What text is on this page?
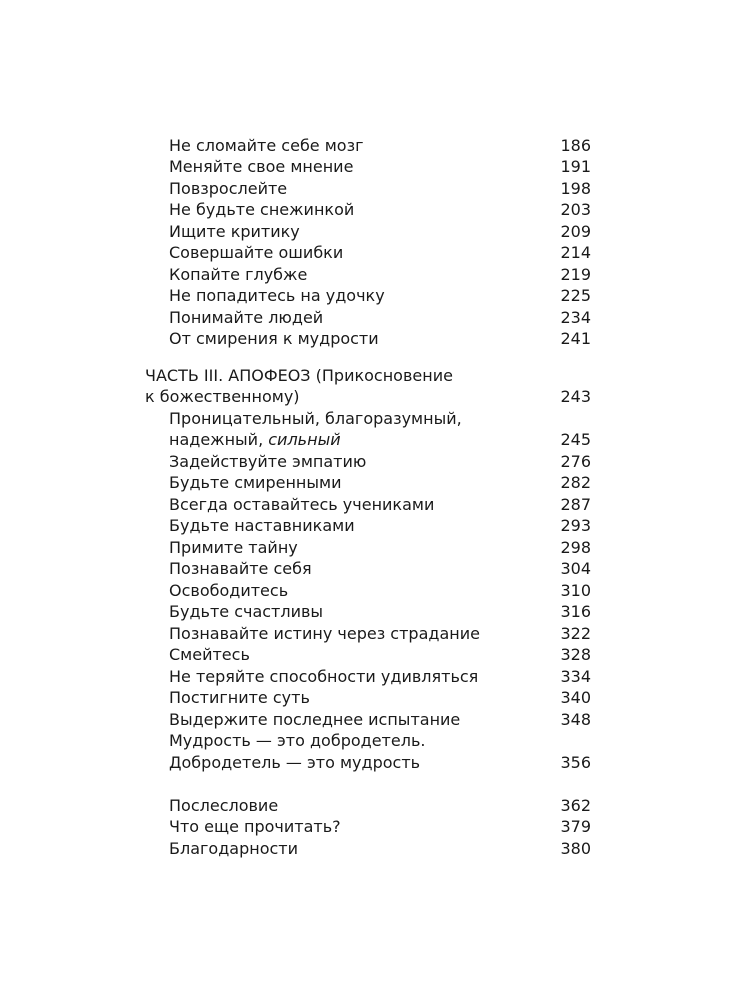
Не сломайте себе мозг	186
Меняйте свое мнение	191
Повзрослейте	198
Не будьте снежинкой	203
Ищите критику	209
Совершайте ошибки	214
Копайте глубже	219
Не попадитесь на удочку	225
Понимайте людей	234
От смирения к мудрости	241
ЧАСТЬ III. АПОФЕОЗ (Прикосновение
к божественному)	243
Проницательный, благоразумный,
надежный, сильный	245
Задействуйте эмпатию	276
Будьте смиренными	282
Всегда оставайтесь учениками	287
Будьте наставниками	293
Примите тайну	298
Познавайте себя	304
Освободитесь	310
Будьте счастливы	316
Познавайте истину через страдание	322
Смейтесь	328
Не теряйте способности удивляться	334
Постигните суть	340
Выдержите последнее испытание	348
Мудрость — это добродетель.
Добродетель — это мудрость	356
Послесловие	362
Что еще прочитать?	379
Благодарности	380
